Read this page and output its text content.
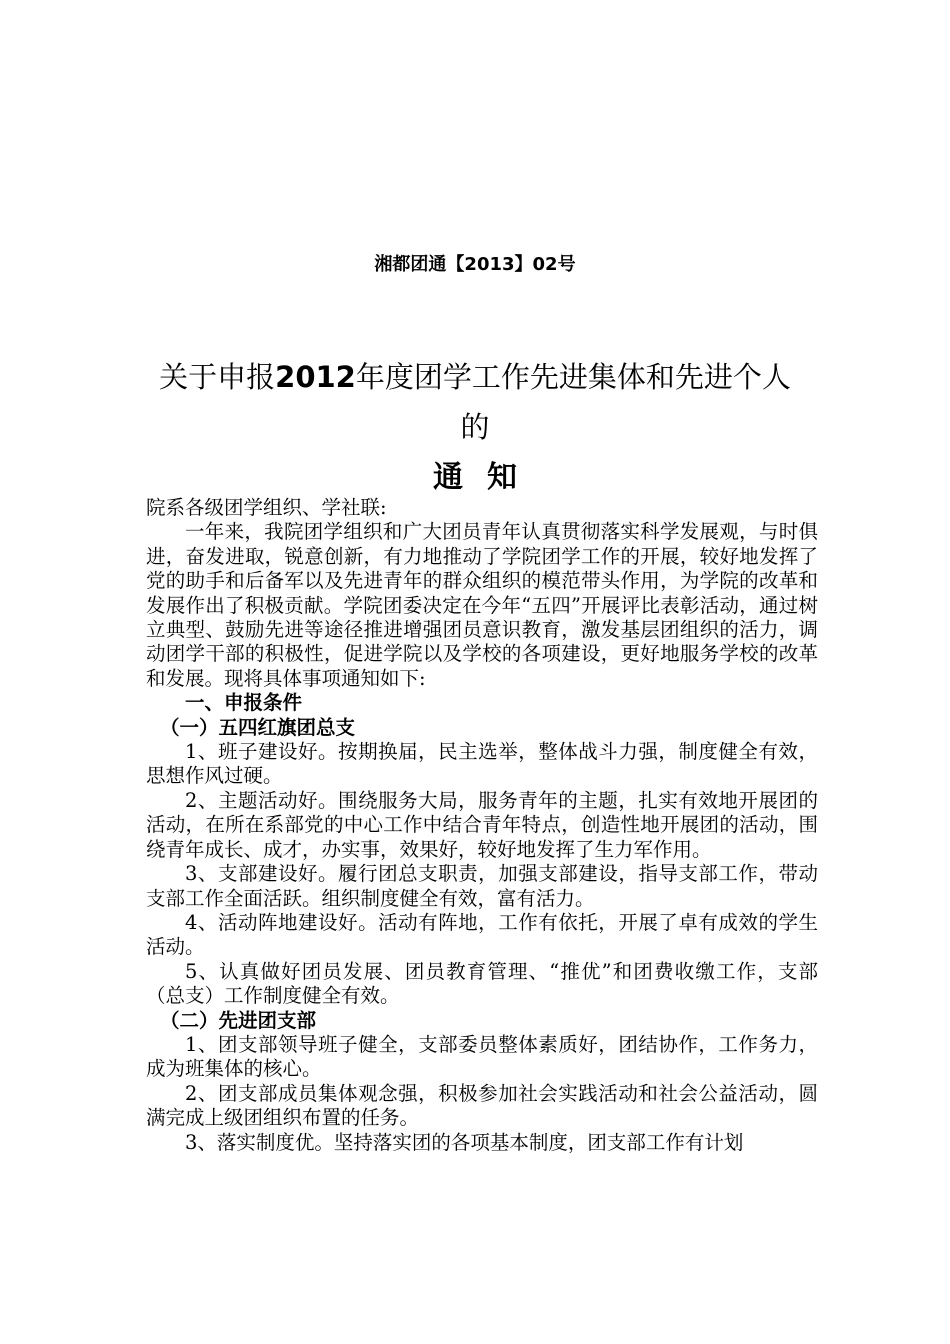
湘都团通【2013】02号
关于申报2012年度团学工作先进集体和先进个人
的
通知

院系各级团学组织、学社联:

一年来，我院团学组织和广大团员青年认真贯彻落实科学发展观，与时俱进，奋发进取，锐意创新，有力地推动了学院团学工作的开展，较好地发挥了党的助手和后备军以及先进青年的群众组织的模范带头作用，为学院的改革和发展作出了积极贡献。学院团委决定在今年“五四”开展评比表彰活动，通过树立典型、鼓励先进等途径推进增强团员意识教育，激发基层团组织的活力，调动团学干部的积极性，促进学院以及学校的各项建设，更好地服务学校的改革和发展。现将具体事项通知如下:

一、申报条件

（一）五四红旗团总支

1、班子建设好。按期换届，民主选举，整体战斗力强，制度健全有效，思想作风过硬。

2、主题活动好。围绕服务大局，服务青年的主题，扎实有效地开展团的活动，在所在系部党的中心工作中结合青年特点，创造性地开展团的活动，围绕青年成长、成才，办实事，效果好，较好地发挥了生力军作用。

3、支部建设好。履行团总支职责，加强支部建设，指导支部工作，带动支部工作全面活跃。组织制度健全有效，富有活力。

4、活动阵地建设好。活动有阵地，工作有依托，开展了卓有成效的学生活动。

5、认真做好团员发展、团员教育管理、“推优”和团费收缴工作，支部（总支）工作制度健全有效。

（二）先进团支部

1、团支部领导班子健全，支部委员整体素质好，团结协作，工作务力，成为班集体的核心。

2、团支部成员集体观念强，积极参加社会实践活动和社会公益活动，圆满完成上级团组织布置的任务。

3、落实制度优。坚持落实团的各项基本制度，团支部工作有计划
